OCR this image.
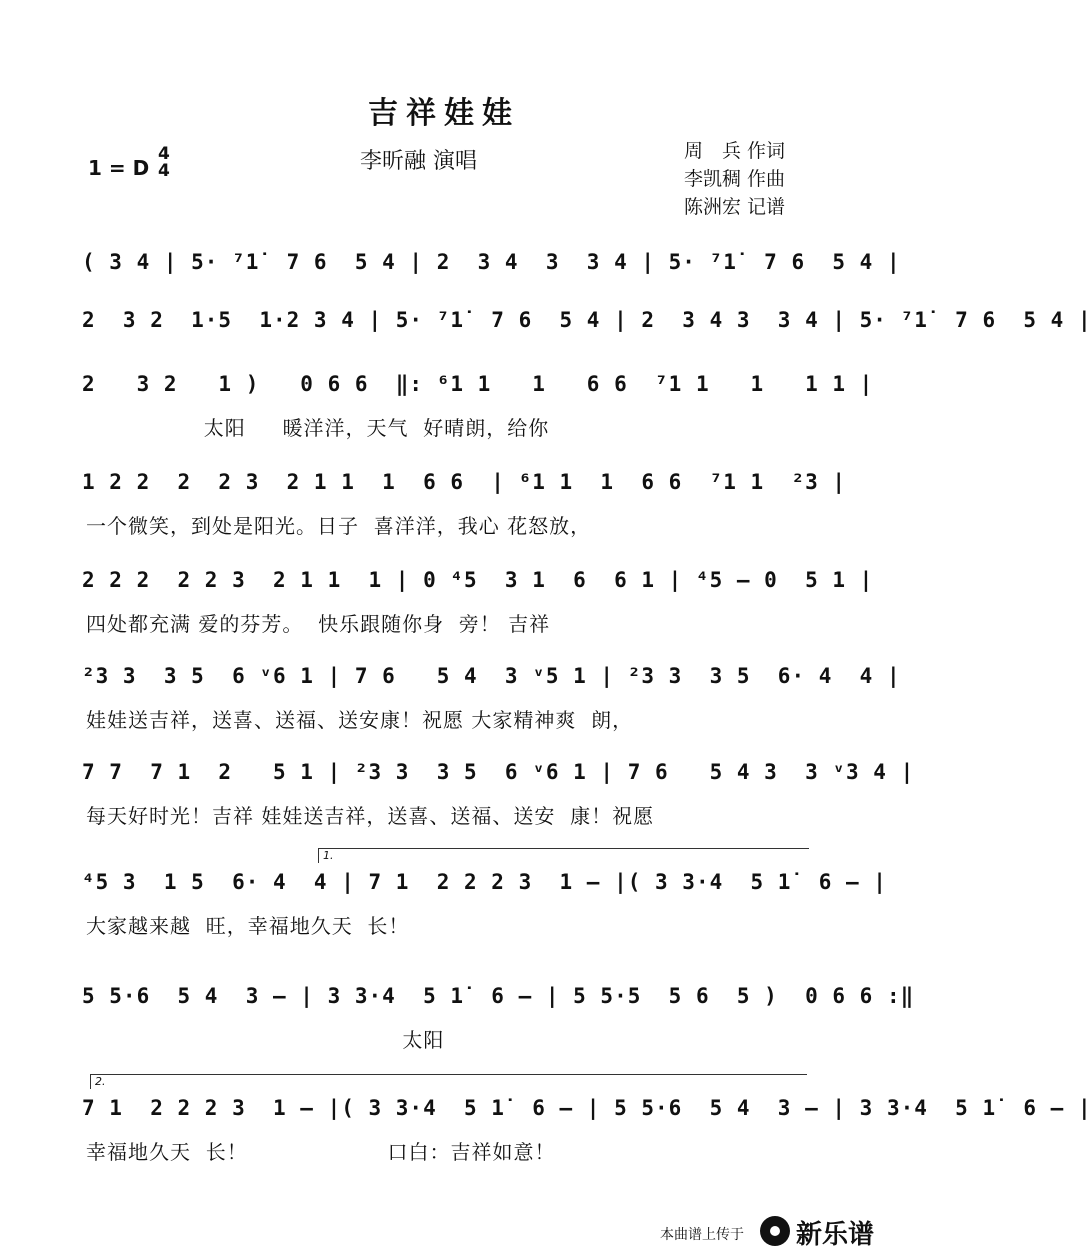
吉祥娃娃
李昕融 演唱	周　兵 作词
李凯稠 作曲
陈洲宏 记谱
1 = D
4
4
( 3 4 | 5· ⁷1̇  7 6  5 4 | 2  3 4  3  3 4 | 5· ⁷1̇  7 6  5 4 |
2  3 2  1·5  1·2 3 4 | 5· ⁷1̇  7 6  5 4 | 2  3 4 3  3 4 | 5· ⁷1̇  7 6  5 4 |
2   3 2   1 )   0 6 6  ‖: ⁶1 1   1   6 6  ⁷1 1   1   1 1 |
太阳     暖洋洋，天气  好晴朗，给你
1 2 2  2  2 3  2 1 1  1  6 6  | ⁶1 1  1  6 6  ⁷1 1  ²3 |
一个微笑，到处是阳光。日子  喜洋洋，我心 花怒放，
2 2 2  2 2 3  2 1 1  1 | 0 ⁴5  3 1  6  6 1 | ⁴5 – 0  5 1 |
四处都充满 爱的芬芳。  快乐跟随你身  旁！ 吉祥
²3 3  3 5  6 ᵛ6 1 | 7 6   5 4  3 ᵛ5 1 | ²3 3  3 5  6· 4  4 |
娃娃送吉祥，送喜、送福、送安康！祝愿 大家精神爽  朗，
7 7  7 1  2   5 1 | ²3 3  3 5  6 ᵛ6 1 | 7 6   5 4 3  3 ᵛ3 4 |
每天好时光！吉祥 娃娃送吉祥，送喜、送福、送安  康！祝愿
1.
⁴5 3  1 5  6· 4  4 | 7 1  2 2 2 3  1 – |( 3 3·4  5 1̇  6 – |
大家越来越  旺，幸福地久天  长！
5 5·6  5 4  3 – | 3 3·4  5 1̇  6 – | 5 5·5  5 6  5 )  0 6 6 :‖
太阳
2.
7 1  2 2 2 3  1 – |( 3 3·4  5 1̇  6 – | 5 5·6  5 4  3 – | 3 3·4  5 1̇  6 – |
幸福地久天  长！                   口白：吉祥如意！
本曲谱上传于 新乐谱
